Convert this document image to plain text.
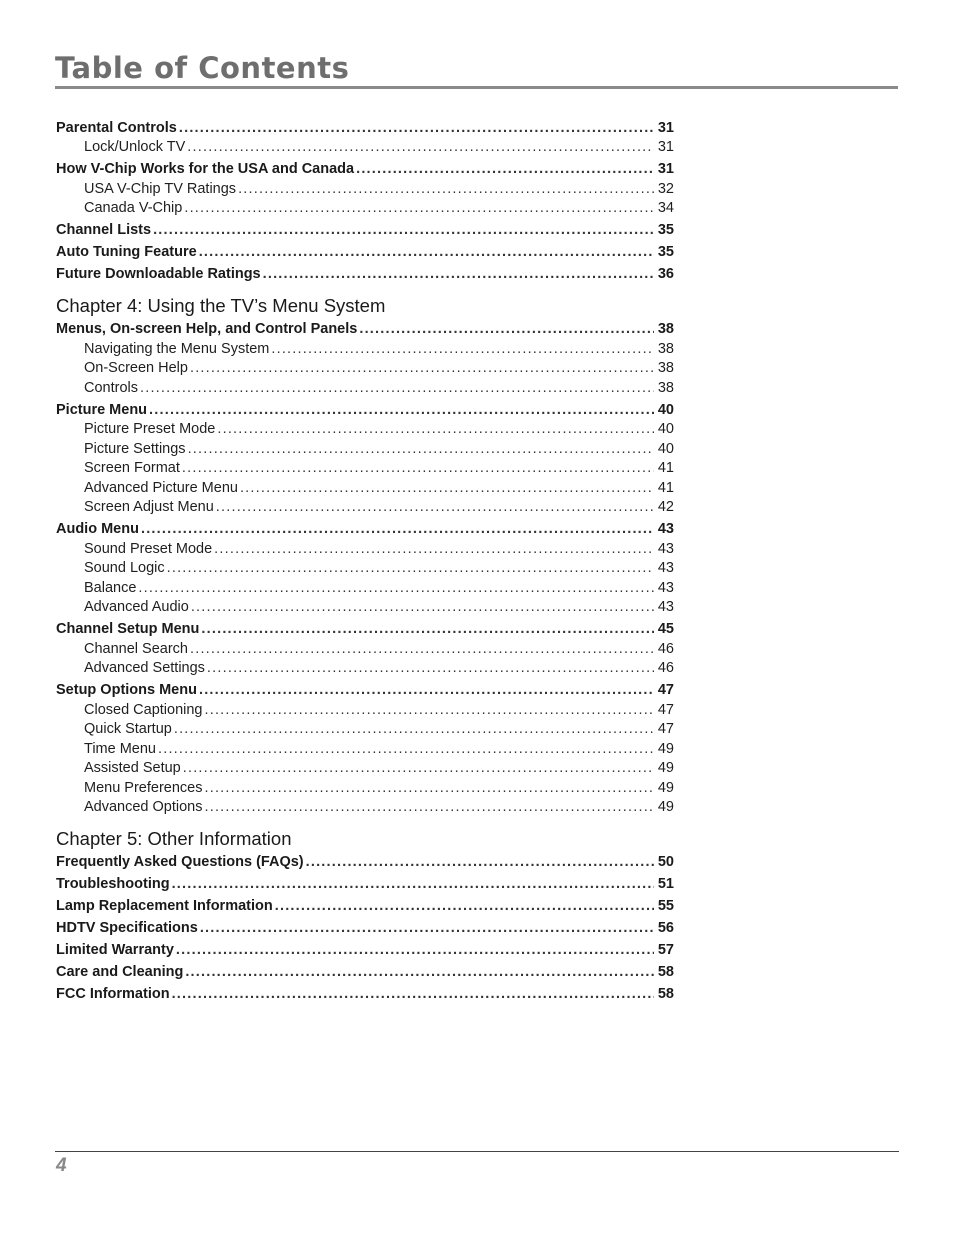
Table of Contents
Parental Controls .....	31
Lock/Unlock TV .....	31
How V-Chip Works for the USA and Canada .....	31
USA V-Chip TV Ratings .....	32
Canada V-Chip .....	34
Channel Lists .....	35
Auto Tuning Feature .....	35
Future Downloadable Ratings .....	36
Chapter 4: Using the TV’s Menu System
Menus, On-screen Help, and Control Panels .....	38
Navigating the Menu System .....	38
On-Screen Help .....	38
Controls .....	38
Picture Menu .....	40
Picture Preset Mode .....	40
Picture Settings .....	40
Screen Format .....	41
Advanced Picture Menu .....	41
Screen Adjust Menu .....	42
Audio Menu .....	43
Sound Preset Mode .....	43
Sound Logic .....	43
Balance .....	43
Advanced Audio .....	43
Channel Setup Menu .....	45
Channel Search .....	46
Advanced Settings .....	46
Setup Options Menu .....	47
Closed Captioning .....	47
Quick Startup .....	47
Time Menu .....	49
Assisted Setup .....	49
Menu Preferences .....	49
Advanced Options .....	49
Chapter 5: Other Information
Frequently Asked Questions (FAQs) .....	50
Troubleshooting .....	51
Lamp Replacement Information .....	55
HDTV Specifications .....	56
Limited Warranty .....	57
Care and Cleaning .....	58
FCC Information .....	58
4
